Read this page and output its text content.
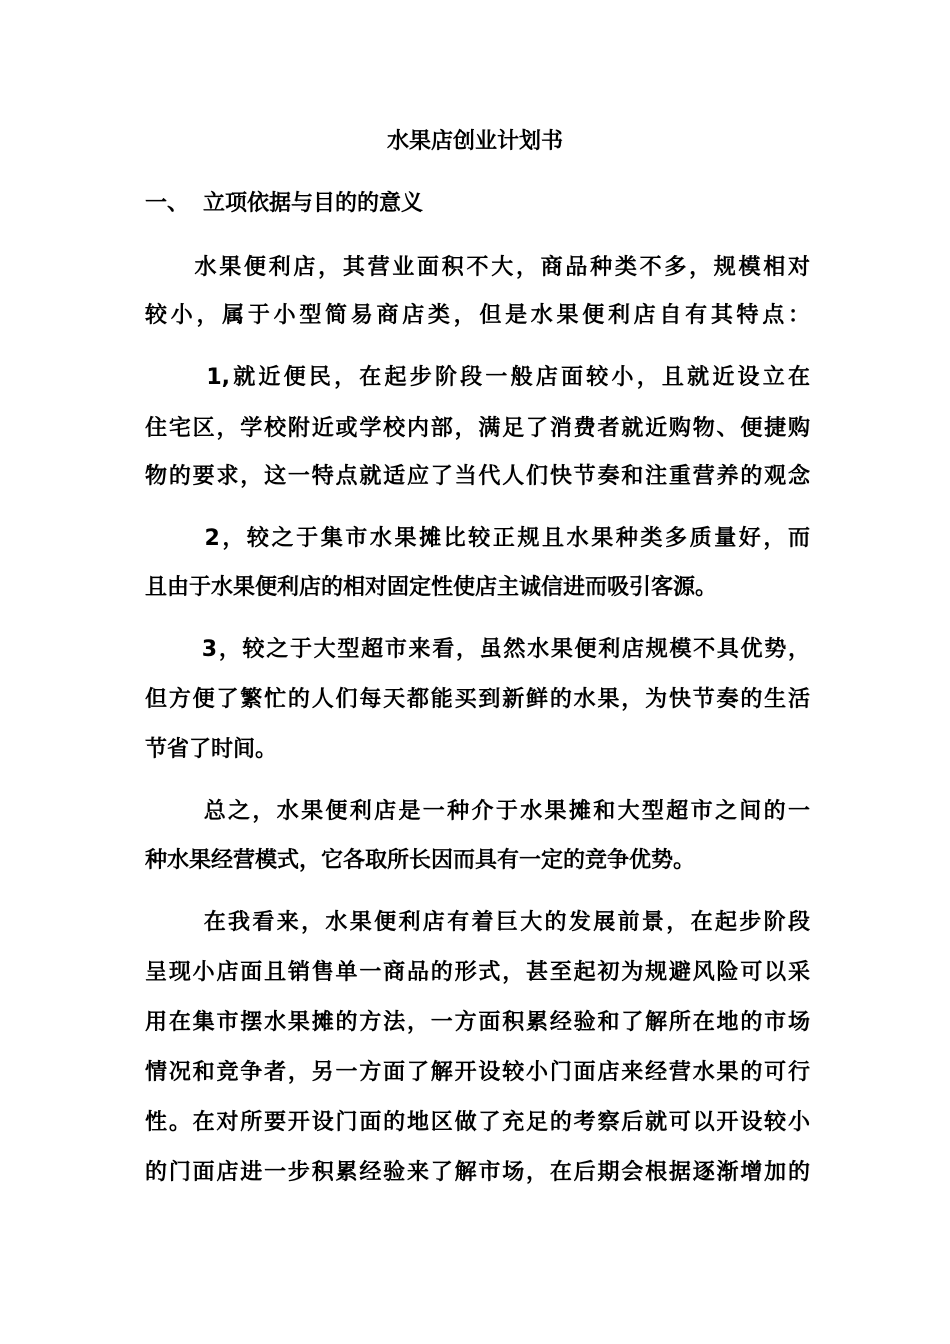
水果店创业计划书
一、 立项依据与目的的意义
　　水果便利店，其营业面积不大，商品种类不多，规模相对
较小，属于小型简易商店类，但是水果便利店自有其特点：
　　 1,就近便民，在起步阶段一般店面较小，且就近设立在
住宅区，学校附近或学校内部，满足了消费者就近购物、便捷购
物的要求，这一特点就适应了当代人们快节奏和注重营养的观念
　　 2，较之于集市水果摊比较正规且水果种类多质量好，而
且由于水果便利店的相对固定性使店主诚信进而吸引客源。
　　 3，较之于大型超市来看，虽然水果便利店规模不具优势，
但方便了繁忙的人们每天都能买到新鲜的水果，为快节奏的生活
节省了时间。
　　 总之，水果便利店是一种介于水果摊和大型超市之间的一
种水果经营模式，它各取所长因而具有一定的竞争优势。
　　 在我看来，水果便利店有着巨大的发展前景，在起步阶段
呈现小店面且销售单一商品的形式，甚至起初为规避风险可以采
用在集市摆水果摊的方法，一方面积累经验和了解所在地的市场
情况和竞争者，另一方面了解开设较小门面店来经营水果的可行
性。在对所要开设门面的地区做了充足的考察后就可以开设较小
的门面店进一步积累经验来了解市场，在后期会根据逐渐增加的
